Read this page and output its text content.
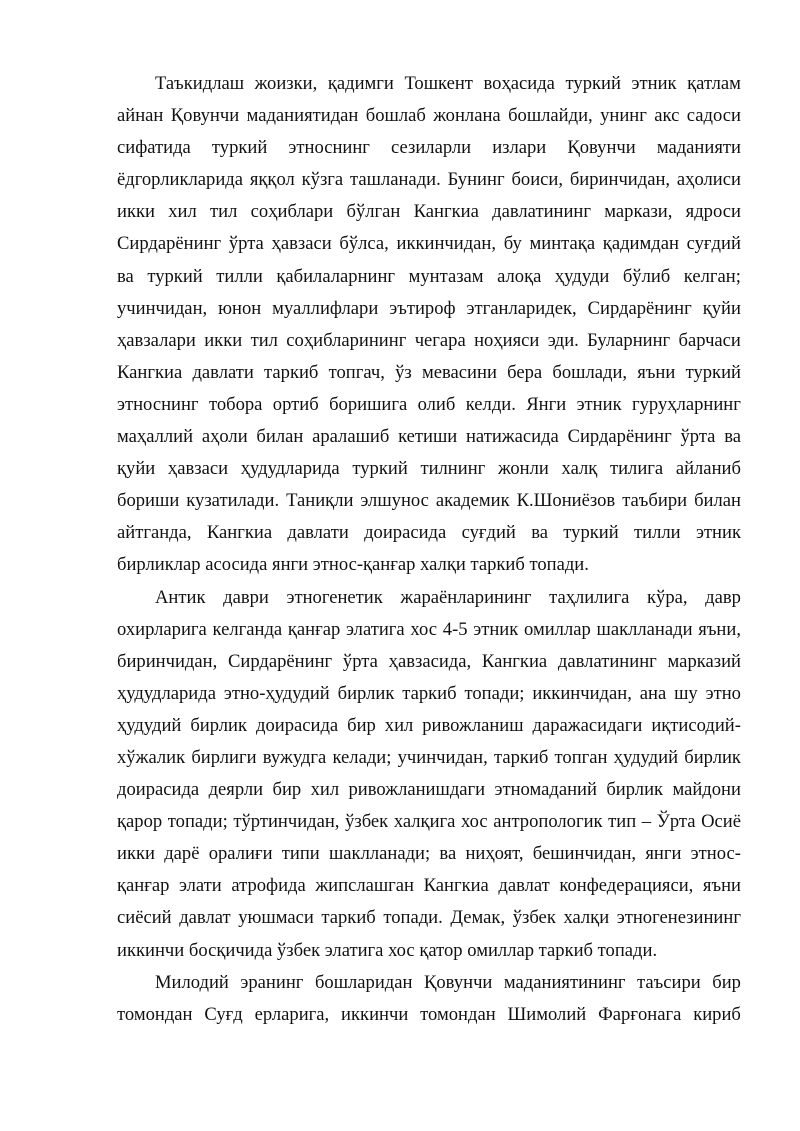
Таъкидлаш жоизки, қадимги Тошкент воҳасида туркий этник қатлам
айнан Қовунчи маданиятидан бошлаб жонлана бошлайди, унинг акс садоси
сифатида туркий этноснинг сезиларли излари Қовунчи маданияти
ёдгорликларида яққол кўзга ташланади. Бунинг боиси, биринчидан, аҳолиси
икки хил тил соҳиблари бўлган Кангкиа давлатининг маркази, ядроси
Сирдарёнинг ўрта ҳавзаси бўлса, иккинчидан, бу минтақа қадимдан суғдий
ва туркий тилли қабилаларнинг мунтазам алоқа ҳудуди бўлиб келган;
учинчидан, юнон муаллифлари эътироф этганларидек, Сирдарёнинг қуйи
ҳавзалари икки тил соҳибларининг чегара ноҳияси эди. Буларнинг барчаси
Кангкиа давлати таркиб топгач, ўз мевасини бера бошлади, яъни туркий
этноснинг тобора ортиб боришига олиб келди. Янги этник гуруҳларнинг
маҳаллий аҳоли билан аралашиб кетиши натижасида Сирдарёнинг ўрта ва
қуйи ҳавзаси ҳудудларида туркий тилнинг жонли халқ тилига айланиб
бориши кузатилади. Таниқли элшунос академик К.Шониёзов таъбири билан
айтганда, Кангкиа давлати доирасида суғдий ва туркий тилли этник
бирликлар асосида янги этнос-қанғар халқи таркиб топади.
Антик даври этногенетик жараёнларининг таҳлилига кўра, давр
охирларига келганда қанғар элатига хос 4-5 этник омиллар шаклланади яъни,
биринчидан, Сирдарёнинг ўрта ҳавзасида, Кангкиа давлатининг марказий
ҳудудларида этно-ҳудудий бирлик таркиб топади; иккинчидан, ана шу этно
ҳудудий бирлик доирасида бир хил ривожланиш даражасидаги иқтисодий-
хўжалик бирлиги вужудга келади; учинчидан, таркиб топган ҳудудий бирлик
доирасида деярли бир хил ривожланишдаги этномаданий бирлик майдони
қарор топади; тўртинчидан, ўзбек халқига хос антропологик тип – Ўрта Осиё
икки дарё оралиғи типи шаклланади; ва ниҳоят, бешинчидан, янги этнос-
қанғар элати атрофида жипслашган Кангкиа давлат конфедерацияси, яъни
сиёсий давлат уюшмаси таркиб топади. Демак, ўзбек халқи этногенезининг
иккинчи босқичида ўзбек элатига хос қатор омиллар таркиб топади.
Милодий эранинг бошларидан Қовунчи маданиятининг таъсири бир
томондан Суғд ерларига, иккинчи томондан Шимолий Фарғонага кириб
